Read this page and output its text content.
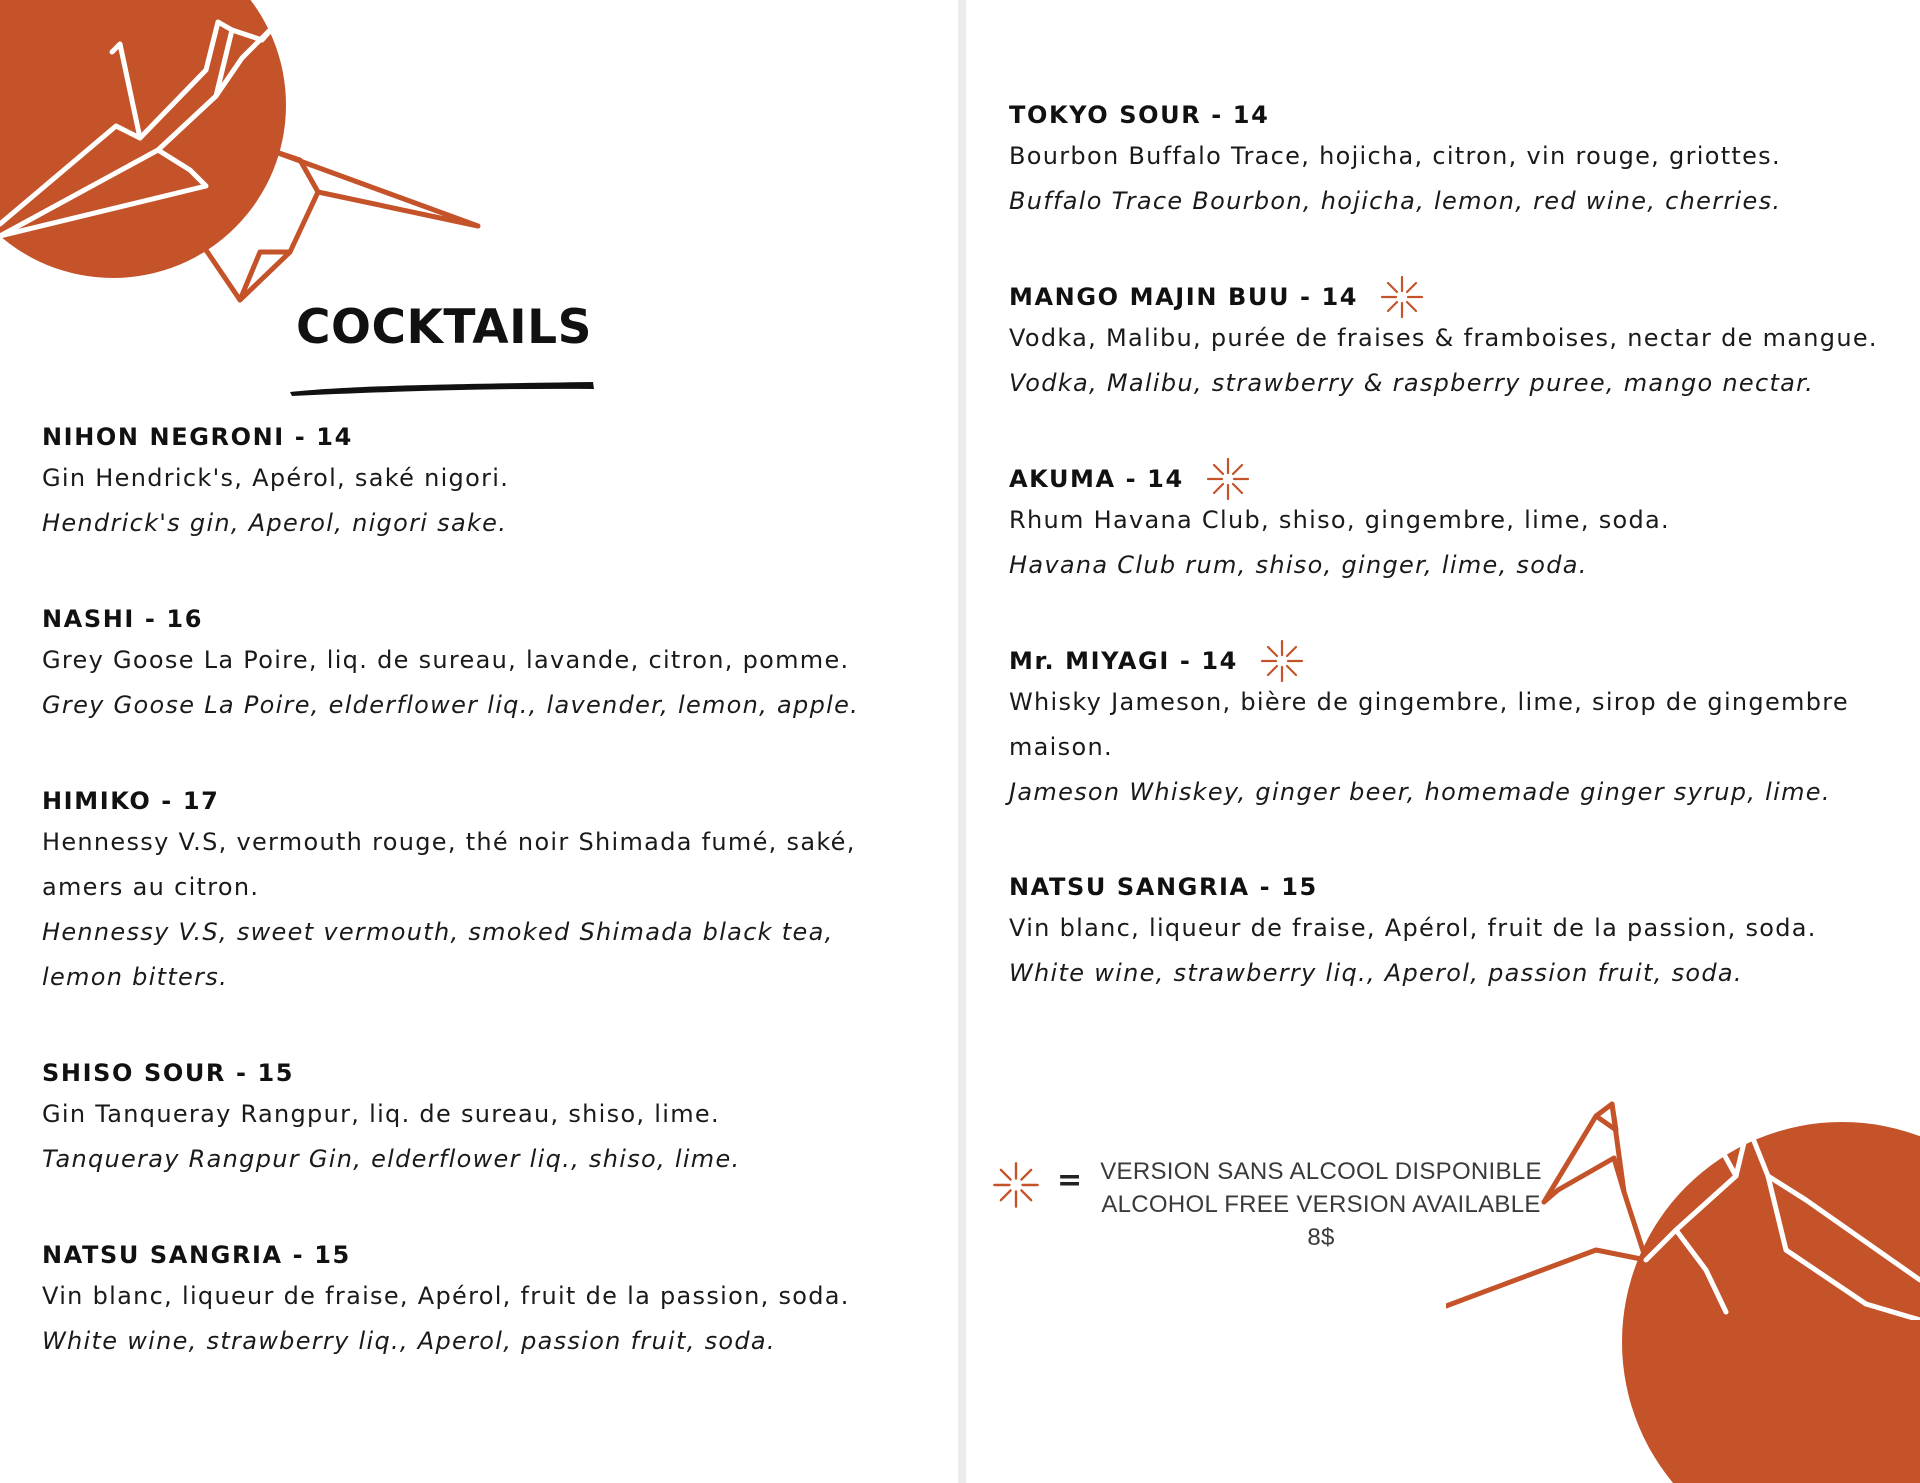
COCKTAILS
NIHON NEGRONI - 14

Gin Hendrick's, Apérol, saké nigori.

Hendrick's gin, Aperol, nigori sake.

NASHI - 16

Grey Goose La Poire, liq. de sureau, lavande, citron, pomme.

Grey Goose La Poire, elderflower liq., lavender, lemon, apple.

HIMIKO - 17

Hennessy V.S, vermouth rouge, thé noir Shimada fumé, saké,

amers au citron.

Hennessy V.S, sweet vermouth, smoked Shimada black tea,

lemon bitters.

SHISO SOUR - 15

Gin Tanqueray Rangpur, liq. de sureau, shiso, lime.

Tanqueray Rangpur Gin, elderflower liq., shiso, lime.

NATSU SANGRIA - 15

Vin blanc, liqueur de fraise, Apérol, fruit de la passion, soda.

White wine, strawberry liq., Aperol, passion fruit, soda.

TOKYO SOUR - 14

Bourbon Buffalo Trace, hojicha, citron, vin rouge, griottes.

Buffalo Trace Bourbon, hojicha, lemon, red wine, cherries.

MANGO MAJIN BUU - 14

Vodka, Malibu, purée de fraises & framboises, nectar de mangue.

Vodka, Malibu, strawberry & raspberry puree, mango nectar.

AKUMA - 14

Rhum Havana Club, shiso, gingembre, lime, soda.

Havana Club rum, shiso, ginger, lime, soda.

Mr. MIYAGI - 14

Whisky Jameson, bière de gingembre, lime, sirop de gingembre

maison.

Jameson Whiskey, ginger beer, homemade ginger syrup, lime.

NATSU SANGRIA - 15

Vin blanc, liqueur de fraise, Apérol, fruit de la passion, soda.

White wine, strawberry liq., Aperol, passion fruit, soda.

= VERSION SANS ALCOOL DISPONIBLE

ALCOHOL FREE VERSION AVAILABLE

8$
